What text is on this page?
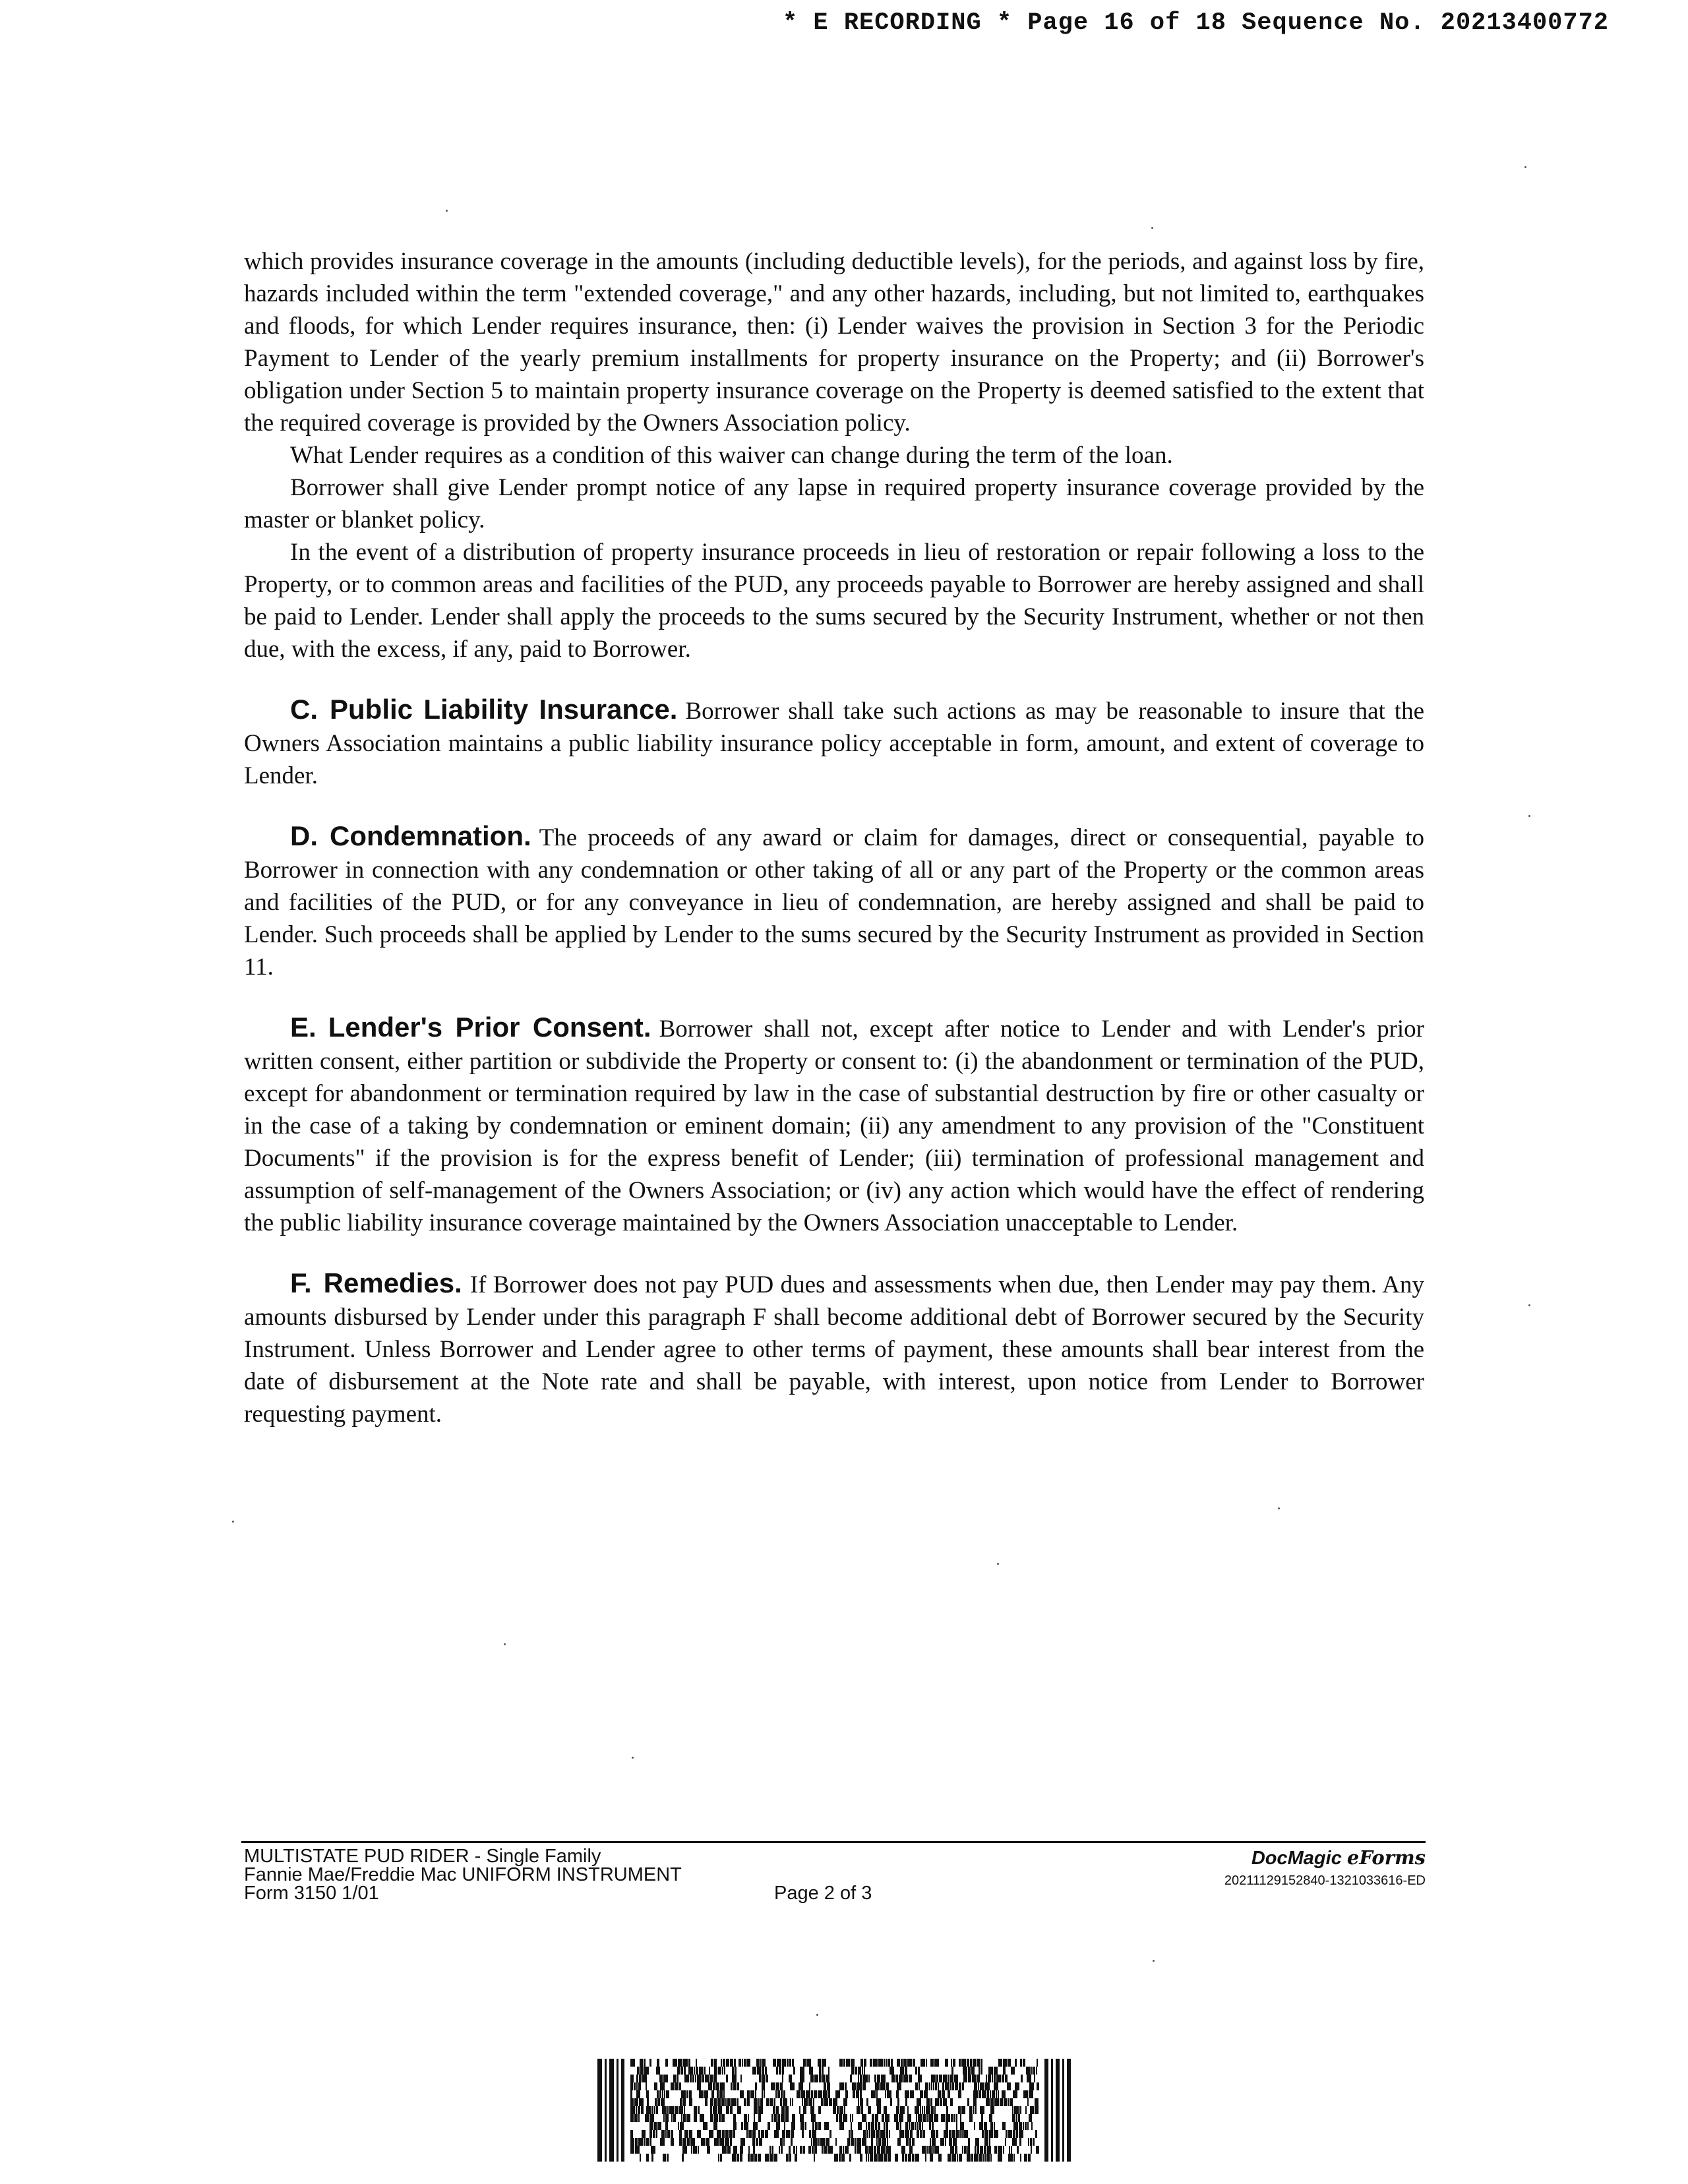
* E RECORDING * Page 16 of 18 Sequence No. 20213400772

which provides insurance coverage in the amounts (including deductible levels), for the periods, and against loss by fire, hazards included within the term "extended coverage," and any other hazards, including, but not limited to, earthquakes and floods, for which Lender requires insurance, then: (i) Lender waives the provision in Section 3 for the Periodic Payment to Lender of the yearly premium installments for property insurance on the Property; and (ii) Borrower's obligation under Section 5 to maintain property insurance coverage on the Property is deemed satisfied to the extent that the required coverage is provided by the Owners Association policy.

What Lender requires as a condition of this waiver can change during the term of the loan.

Borrower shall give Lender prompt notice of any lapse in required property insurance coverage provided by the master or blanket policy.

In the event of a distribution of property insurance proceeds in lieu of restoration or repair following a loss to the Property, or to common areas and facilities of the PUD, any proceeds payable to Borrower are hereby assigned and shall be paid to Lender. Lender shall apply the proceeds to the sums secured by the Security Instrument, whether or not then due, with the excess, if any, paid to Borrower.

C. Public Liability Insurance. Borrower shall take such actions as may be reasonable to insure that the Owners Association maintains a public liability insurance policy acceptable in form, amount, and extent of coverage to Lender.

D. Condemnation. The proceeds of any award or claim for damages, direct or consequential, payable to Borrower in connection with any condemnation or other taking of all or any part of the Property or the common areas and facilities of the PUD, or for any conveyance in lieu of condemnation, are hereby assigned and shall be paid to Lender. Such proceeds shall be applied by Lender to the sums secured by the Security Instrument as provided in Section 11.

E. Lender's Prior Consent. Borrower shall not, except after notice to Lender and with Lender's prior written consent, either partition or subdivide the Property or consent to: (i) the abandonment or termination of the PUD, except for abandonment or termination required by law in the case of substantial destruction by fire or other casualty or in the case of a taking by condemnation or eminent domain; (ii) any amendment to any provision of the "Constituent Documents" if the provision is for the express benefit of Lender; (iii) termination of professional management and assumption of self-management of the Owners Association; or (iv) any action which would have the effect of rendering the public liability insurance coverage maintained by the Owners Association unacceptable to Lender.

F. Remedies. If Borrower does not pay PUD dues and assessments when due, then Lender may pay them. Any amounts disbursed by Lender under this paragraph F shall become additional debt of Borrower secured by the Security Instrument. Unless Borrower and Lender agree to other terms of payment, these amounts shall bear interest from the date of disbursement at the Note rate and shall be payable, with interest, upon notice from Lender to Borrower requesting payment.

MULTISTATE PUD RIDER - Single Family
Fannie Mae/Freddie Mac UNIFORM INSTRUMENT
Form 3150 1/01	Page 2 of 3
DocMagic eForms
20211129152840-1321033616-ED
